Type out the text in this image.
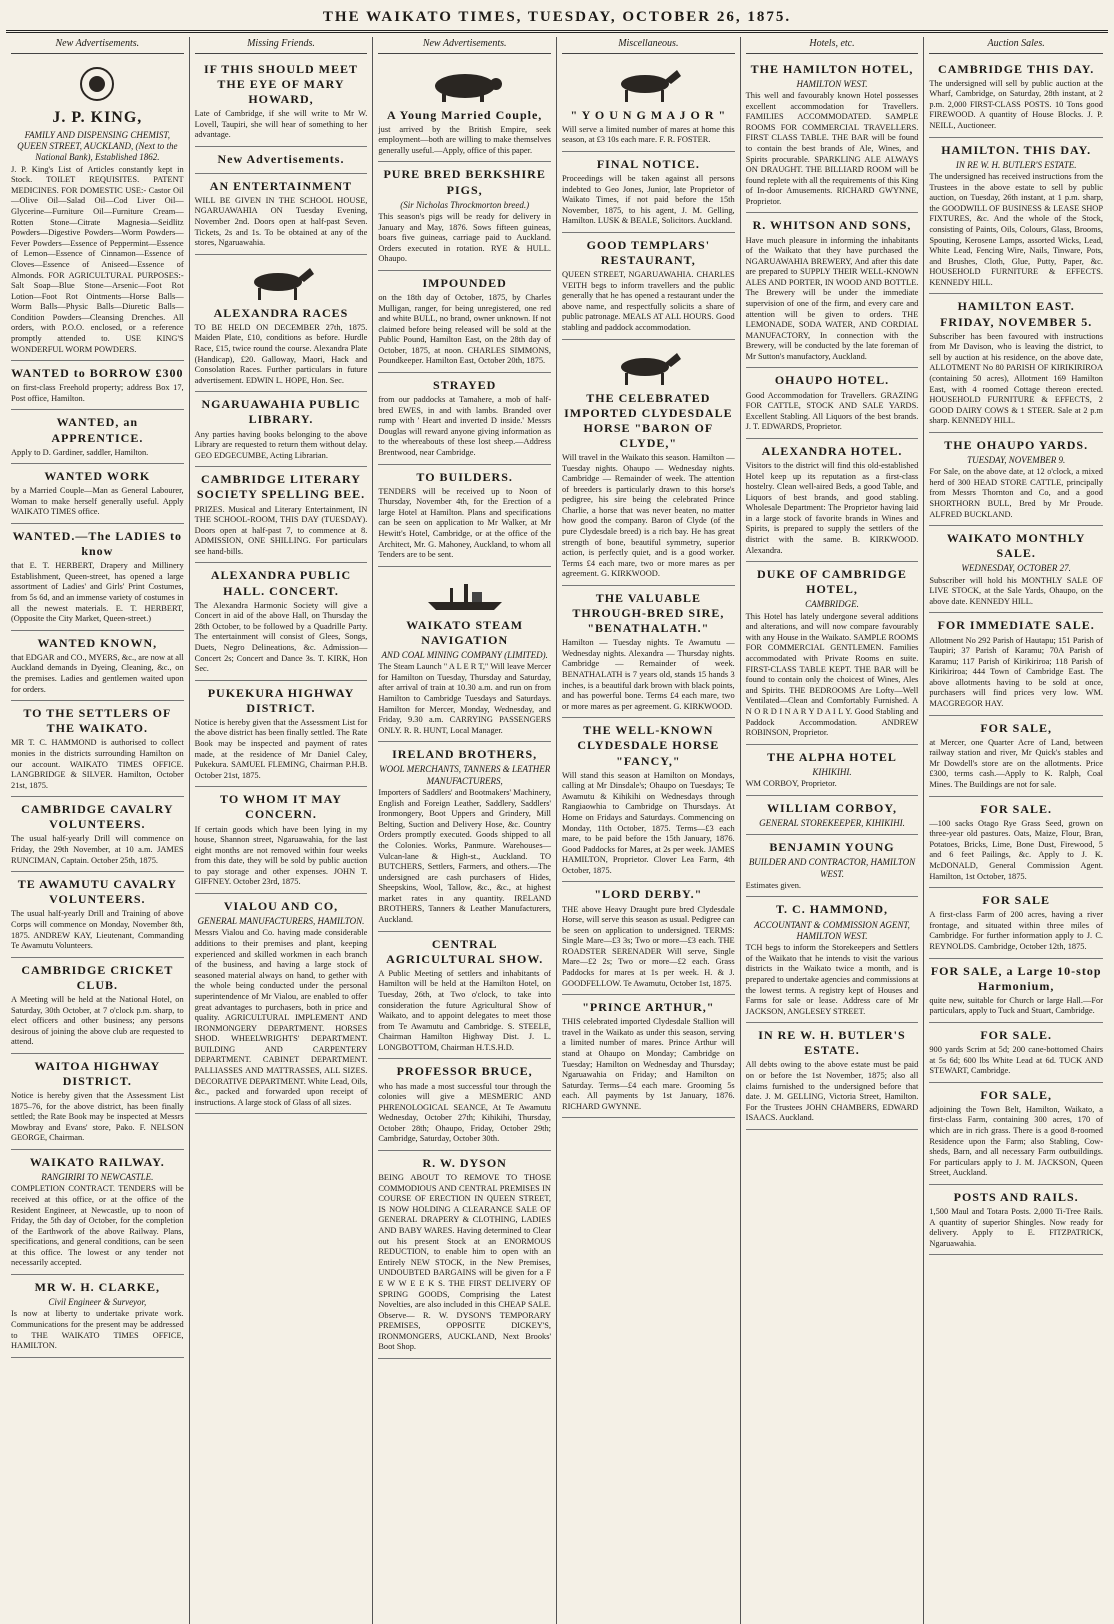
THE WAIKATO TIMES, TUESDAY, OCTOBER 26, 1875.
New Advertisements.
J. P. KING,
FAMILY AND DISPENSING CHEMIST, QUEEN STREET, AUCKLAND, (Next to the National Bank), Established 1862.

J. P. King's List of Articles constantly kept in Stock. TOILET REQUISITES. PATENT MEDICINES. FOR DOMESTIC USE:- Castor Oil—Olive Oil—Salad Oil—Cod Liver Oil—Glycerine—Furniture Oil—Furniture Cream—Rotten Stone—Citrate Magnesia—Seidlitz Powders—Digestive Powders—Worm Powders—Fever Powders—Essence of Peppermint—Essence of Lemon—Essence of Cinnamon—Essence of Cloves—Essence of Aniseed—Essence of Almonds. FOR AGRICULTURAL PURPOSES:- Salt Soap—Blue Stone—Arsenic—Foot Rot Lotion—Foot Rot Ointments—Horse Balls—Worm Balls—Physic Balls—Diuretic Balls—Condition Powders—Cleansing Drenches. All orders, with P.O.O. enclosed, or a reference promptly attended to. USE KING'S WONDERFUL WORM POWDERS.

WANTED to BORROW £300

on first-class Freehold property; address Box 17, Post office, Hamilton.

WANTED, an APPRENTICE.

Apply to D. Gardiner, saddler, Hamilton.

WANTED WORK

by a Married Couple—Man as General Labourer, Woman to make herself generally useful. Apply WAIKATO TIMES office.

WANTED.—The LADIES to know

that E. T. HERBERT, Drapery and Millinery Establishment, Queen-street, has opened a large assortment of Ladies' and Girls' Print Costumes, from 5s 6d, and an immense variety of costumes in all the newest materials. E. T. HERBERT, (Opposite the City Market, Queen-street.)

WANTED KNOWN,

that EDGAR and CO., MYERS, &c., are now at all Auckland demands in Dyeing, Cleaning, &c., on the premises. Ladies and gentlemen waited upon for orders.

TO THE SETTLERS OF THE WAIKATO.

MR T. C. HAMMOND is authorised to collect monies in the districts surrounding Hamilton on our account. WAIKATO TIMES OFFICE. LANGBRIDGE & SILVER. Hamilton, October 21st, 1875.

CAMBRIDGE CAVALRY VOLUNTEERS.

The usual half-yearly Drill will commence on Friday, the 29th November, at 10 a.m. JAMES RUNCIMAN, Captain. October 25th, 1875.

TE AWAMUTU CAVALRY VOLUNTEERS.

The usual half-yearly Drill and Training of above Corps will commence on Monday, November 8th, 1875. ANDREW KAY, Lieutenant, Commanding Te Awamutu Volunteers.

CAMBRIDGE CRICKET CLUB.

A Meeting will be held at the National Hotel, on Saturday, 30th October, at 7 o'clock p.m. sharp, to elect officers and other business; any persons desirous of joining the above club are requested to attend.

WAITOA HIGHWAY DISTRICT.

Notice is hereby given that the Assessment List 1875–76, for the above district, has been finally settled; the Rate Book may be inspected at Messrs Mowbray and Evans' store, Pako. F. NELSON GEORGE, Chairman.

WAIKATO RAILWAY.
RANGIRIRI TO NEWCASTLE.

COMPLETION CONTRACT. TENDERS will be received at this office, or at the office of the Resident Engineer, at Newcastle, up to noon of Friday, the 5th day of October, for the completion of the Earthwork of the above Railway. Plans, specifications, and general conditions, can be seen at this office. The lowest or any tender not necessarily accepted.

MR W. H. CLARKE,
Civil Engineer & Surveyor,

Is now at liberty to undertake private work. Communications for the present may be addressed to THE WAIKATO TIMES OFFICE, HAMILTON.

Missing Friends.
IF THIS SHOULD MEET THE EYE OF MARY HOWARD,

Late of Cambridge, if she will write to Mr W. Lovell, Taupiri, she will hear of something to her advantage.

New Advertisements.
AN ENTERTAINMENT

WILL BE GIVEN IN THE SCHOOL HOUSE, NGARUAWAHIA ON Tuesday Evening, November 2nd. Doors open at half-past Seven. Tickets, 2s and 1s. To be obtained at any of the stores, Ngaruawahia.

ALEXANDRA RACES

TO BE HELD ON DECEMBER 27th, 1875. Maiden Plate, £10, conditions as before. Hurdle Race, £15, twice round the course. Alexandra Plate (Handicap), £20. Galloway, Maori, Hack and Consolation Races. Further particulars in future advertisement. EDWIN L. HOPE, Hon. Sec.

NGARUAWAHIA PUBLIC LIBRARY.

Any parties having books belonging to the above Library are requested to return them without delay. GEO EDGECUMBE, Acting Librarian.

CAMBRIDGE LITERARY SOCIETY SPELLING BEE.

PRIZES. Musical and Literary Entertainment, IN THE SCHOOL-ROOM, THIS DAY (TUESDAY). Doors open at half-past 7, to commence at 8. ADMISSION, ONE SHILLING. For particulars see hand-bills.

ALEXANDRA PUBLIC HALL. CONCERT.

The Alexandra Harmonic Society will give a Concert in aid of the above Hall, on Thursday the 28th October, to be followed by a Quadrille Party. The entertainment will consist of Glees, Songs, Duets, Negro Delineations, &c. Admission—Concert 2s; Concert and Dance 3s. T. KIRK, Hon Sec.

PUKEKURA HIGHWAY DISTRICT.

Notice is hereby given that the Assessment List for the above district has been finally settled. The Rate Book may be inspected and payment of rates made, at the residence of Mr Daniel Caley, Pukekura. SAMUEL FLEMING, Chairman P.H.B. October 21st, 1875.

TO WHOM IT MAY CONCERN.

If certain goods which have been lying in my house, Shannon street, Ngaruawahia, for the last eight months are not removed within four weeks from this date, they will be sold by public auction to pay storage and other expenses. JOHN T. GIFFNEY. October 23rd, 1875.

VIALOU AND CO,
GENERAL MANUFACTURERS, HAMILTON.

Messrs Vialou and Co. having made considerable additions to their premises and plant, keeping experienced and skilled workmen in each branch of the business, and having a large stock of seasoned material always on hand, to gether with the whole being conducted under the personal superintendence of Mr Vialou, are enabled to offer great advantages to purchasers, both in price and quality. AGRICULTURAL IMPLEMENT AND IRONMONGERY DEPARTMENT. HORSES SHOD. WHEELWRIGHTS' DEPARTMENT. BUILDING AND CARPENTERY DEPARTMENT. CABINET DEPARTMENT. PALLIASSES AND MATTRASSES, ALL SIZES. DECORATIVE DEPARTMENT. White Lead, Oils, &c., packed and forwarded upon receipt of instructions. A large stock of Glass of all sizes.

New Advertisements.
A Young Married Couple,

just arrived by the British Empire, seek employment—both are willing to make themselves generally useful.—Apply, office of this paper.

PURE BRED BERKSHIRE PIGS,
(Sir Nicholas Throckmorton breed.)

This season's pigs will be ready for delivery in January and May, 1876. Sows fifteen guineas, boars five guineas, carriage paid to Auckland. Orders executed in rotation. RYE & HULL. Ohaupo.

IMPOUNDED

on the 18th day of October, 1875, by Charles Mulligan, ranger, for being unregistered, one red and white BULL, no brand, owner unknown. If not claimed before being released will be sold at the Public Pound, Hamilton East, on the 28th day of October, 1875, at noon. CHARLES SIMMONS, Poundkeeper. Hamilton East, October 20th, 1875.

STRAYED

from our paddocks at Tamahere, a mob of half-bred EWES, in and with lambs. Branded over rump with ' Heart and inverted D inside.' Messrs Douglas will reward anyone giving information as to the whereabouts of these lost sheep.—Address Brentwood, near Cambridge.

TO BUILDERS.

TENDERS will be received up to Noon of Thursday, November 4th, for the Erection of a large Hotel at Hamilton. Plans and specifications can be seen on application to Mr Walker, at Mr Hewitt's Hotel, Cambridge, or at the office of the Architect, Mr. G. Mahoney, Auckland, to whom all Tenders are to be sent.

WAIKATO STEAM NAVIGATION
AND COAL MINING COMPANY (LIMITED).

The Steam Launch " A L E R T," Will leave Mercer for Hamilton on Tuesday, Thursday and Saturday, after arrival of train at 10.30 a.m. and run on from Hamilton to Cambridge Tuesdays and Saturdays. Hamilton for Mercer, Monday, Wednesday, and Friday, 9.30 a.m. CARRYING PASSENGERS ONLY. R. R. HUNT, Local Manager.

IRELAND BROTHERS,
WOOL MERCHANTS, TANNERS & LEATHER MANUFACTURERS,

Importers of Saddlers' and Bootmakers' Machinery, English and Foreign Leather, Saddlery, Saddlers' Ironmongery, Boot Uppers and Grindery, Mill Belting, Suction and Delivery Hose, &c. Country Orders promptly executed. Goods shipped to all the Colonies. Works, Panmure. Warehouses—Vulcan-lane & High-st., Auckland. TO BUTCHERS, Settlers, Farmers, and others.—The undersigned are cash purchasers of Hides, Sheepskins, Wool, Tallow, &c., &c., at highest market rates in any quantity. IRELAND BROTHERS, Tanners & Leather Manufacturers, Auckland.

CENTRAL AGRICULTURAL SHOW.

A Public Meeting of settlers and inhabitants of Hamilton will be held at the Hamilton Hotel, on Tuesday, 26th, at Two o'clock, to take into consideration the future Agricultural Show of Waikato, and to appoint delegates to meet those from Te Awamutu and Cambridge. S. STEELE, Chairman Hamilton Highway Dist. J. L. LONGBOTTOM, Chairman H.T.S.H.D.

PROFESSOR BRUCE,

who has made a most successful tour through the colonies will give a MESMERIC AND PHRENOLOGICAL SEANCE, At Te Awamutu Wednesday, October 27th; Kihikihi, Thursday, October 28th; Ohaupo, Friday, October 29th; Cambridge, Saturday, October 30th.

R. W. DYSON

BEING ABOUT TO REMOVE TO THOSE COMMODIOUS AND CENTRAL PREMISES IN COURSE OF ERECTION IN QUEEN STREET, IS NOW HOLDING A CLEARANCE SALE OF GENERAL DRAPERY & CLOTHING, LADIES AND BABY WARES. Having determined to Clear out his present Stock at an ENORMOUS REDUCTION, to enable him to open with an Entirely NEW STOCK, in the New Premises, UNDOUBTED BARGAINS will be given for a F E W W E E K S. THE FIRST DELIVERY OF SPRING GOODS, Comprising the Latest Novelties, are also included in this CHEAP SALE. Observe— R. W. DYSON'S TEMPORARY PREMISES, OPPOSITE DICKEY'S, IRONMONGERS, AUCKLAND, Next Brooks' Boot Shop.

Miscellaneous.
" Y O U N G M A J O R "

Will serve a limited number of mares at home this season, at £3 10s each mare. F. R. FOSTER.

FINAL NOTICE.

Proceedings will be taken against all persons indebted to Geo Jones, Junior, late Proprietor of Waikato Times, if not paid before the 15th November, 1875, to his agent, J. M. Gelling, Hamilton. LUSK & BEALE, Solicitors. Auckland.

GOOD TEMPLARS' RESTAURANT,

QUEEN STREET, NGARUAWAHIA. CHARLES VEITH begs to inform travellers and the public generally that he has opened a restaurant under the above name, and respectfully solicits a share of public patronage. MEALS AT ALL HOURS. Good stabling and paddock accommodation.

THE CELEBRATED IMPORTED CLYDESDALE HORSE "BARON OF CLYDE,"

Will travel in the Waikato this season. Hamilton — Tuesday nights. Ohaupo — Wednesday nights. Cambridge — Remainder of week. The attention of breeders is particularly drawn to this horse's pedigree, his sire being the celebrated Prince Charlie, a horse that was never beaten, no matter how good the company. Baron of Clyde (of the pure Clydesdale breed) is a rich bay. He has great strength of bone, beautiful symmetry, superior action, is perfectly quiet, and is a good worker. Terms £4 each mare, two or more mares as per agreement. G. KIRKWOOD.

THE VALUABLE THROUGH-BRED SIRE, "BENATHALATH."

Hamilton — Tuesday nights. Te Awamutu — Wednesday nights. Alexandra — Thursday nights. Cambridge — Remainder of week. BENATHALATH is 7 years old, stands 15 hands 3 inches, is a beautiful dark brown with black points, and has powerful bone. Terms £4 each mare, two or more mares as per agreement. G. KIRKWOOD.

THE WELL-KNOWN CLYDESDALE HORSE "FANCY,"

Will stand this season at Hamilton on Mondays, calling at Mr Dinsdale's; Ohaupo on Tuesdays; Te Awamutu & Kihikihi on Wednesdays through Rangiaowhia to Cambridge on Thursdays. At Home on Fridays and Saturdays. Commencing on Monday, 11th October, 1875. Terms—£3 each mare, to be paid before the 15th January, 1876. Good Paddocks for Mares, at 2s per week. JAMES HAMILTON, Proprietor. Clover Lea Farm, 4th October, 1875.

"LORD DERBY."

THE above Heavy Draught pure bred Clydesdale Horse, will serve this season as usual. Pedigree can be seen on application to undersigned. TERMS: Single Mare—£3 3s; Two or more—£3 each. THE ROADSTER SERENADER Will serve, Single Mare—£2 2s; Two or more—£2 each. Grass Paddocks for mares at 1s per week. H. & J. GOODFELLOW. Te Awamutu, October 1st, 1875.

"PRINCE ARTHUR,"

THIS celebrated imported Clydesdale Stallion will travel in the Waikato as under this season, serving a limited number of mares. Prince Arthur will stand at Ohaupo on Monday; Cambridge on Tuesday; Hamilton on Wednesday and Thursday; Ngaruawahia on Friday; and Hamilton on Saturday. Terms—£4 each mare. Grooming 5s each. All payments by 1st January, 1876. RICHARD GWYNNE.

Hotels, etc.
THE HAMILTON HOTEL,
HAMILTON WEST.

This well and favourably known Hotel possesses excellent accommodation for Travellers. FAMILIES ACCOMMODATED. SAMPLE ROOMS FOR COMMERCIAL TRAVELLERS. FIRST CLASS TABLE. THE BAR will be found to contain the best brands of Ale, Wines, and Spirits procurable. SPARKLING ALE ALWAYS ON DRAUGHT. THE BILLIARD ROOM will be found replete with all the requirements of this King of In-door Amusements. RICHARD GWYNNE, Proprietor.

R. WHITSON AND SONS,

Have much pleasure in informing the inhabitants of the Waikato that they have purchased the NGARUAWAHIA BREWERY, And after this date are prepared to SUPPLY THEIR WELL-KNOWN ALES AND PORTER, IN WOOD AND BOTTLE. The Brewery will be under the immediate supervision of one of the firm, and every care and attention will be given to orders. THE LEMONADE, SODA WATER, AND CORDIAL MANUFACTORY, In connection with the Brewery, will be conducted by the late foreman of Mr Sutton's manufactory, Auckland.

OHAUPO HOTEL.

Good Accommodation for Travellers. GRAZING FOR CATTLE, STOCK AND SALE YARDS. Excellent Stabling. All Liquors of the best brands. J. T. EDWARDS, Proprietor.

ALEXANDRA HOTEL.

Visitors to the district will find this old-established Hotel keep up its reputation as a first-class hostelry. Clean well-aired Beds, a good Table, and Liquors of best brands, and good stabling. Wholesale Department: The Proprietor having laid in a large stock of favorite brands in Wines and Spirits, is prepared to supply the settlers of the district with the same. B. KIRKWOOD. Alexandra.

DUKE OF CAMBRIDGE HOTEL,
CAMBRIDGE.

This Hotel has lately undergone several additions and alterations, and will now compare favourably with any House in the Waikato. SAMPLE ROOMS FOR COMMERCIAL GENTLEMEN. Families accommodated with Private Rooms en suite. FIRST-CLASS TABLE KEPT. THE BAR will be found to contain only the choicest of Wines, Ales and Spirits. THE BEDROOMS Are Lofty—Well Ventilated—Clean and Comfortably Furnished. A N O R D I N A R Y D A I L Y. Good Stabling and Paddock Accommodation. ANDREW ROBINSON, Proprietor.

THE ALPHA HOTEL
KIHIKIHI.

WM CORBOY, Proprietor.

WILLIAM CORBOY,
GENERAL STOREKEEPER, KIHIKIHI.
BENJAMIN YOUNG
BUILDER AND CONTRACTOR, HAMILTON WEST.

Estimates given.

T. C. HAMMOND,
ACCOUNTANT & COMMISSION AGENT, HAMILTON WEST.

TCH begs to inform the Storekeepers and Settlers of the Waikato that he intends to visit the various districts in the Waikato twice a month, and is prepared to undertake agencies and commissions at the lowest terms. A registry kept of Houses and Farms for sale or lease. Address care of Mr JACKSON, ANGLESEY STREET.

IN RE W. H. BUTLER'S ESTATE.

All debts owing to the above estate must be paid on or before the 1st November, 1875; also all claims furnished to the undersigned before that date. J. M. GELLING, Victoria Street, Hamilton. For the Trustees JOHN CHAMBERS, EDWARD ISAACS. Auckland.

Auction Sales.
CAMBRIDGE THIS DAY.

The undersigned will sell by public auction at the Wharf, Cambridge, on Saturday, 28th instant, at 2 p.m. 2,000 FIRST-CLASS POSTS. 10 Tons good FIREWOOD. A quantity of House Blocks. J. P. NEILL, Auctioneer.

HAMILTON. THIS DAY.
IN RE W. H. BUTLER'S ESTATE.

The undersigned has received instructions from the Trustees in the above estate to sell by public auction, on Tuesday, 26th instant, at 1 p.m. sharp, the GOODWILL OF BUSINESS & LEASE SHOP FIXTURES, &c. And the whole of the Stock, consisting of Paints, Oils, Colours, Glass, Brooms, Spouting, Kerosene Lamps, assorted Wicks, Lead, White Lead, Fencing Wire, Nails, Tinware, Pots, and Brushes, Cloth, Glue, Putty, Paper, &c. HOUSEHOLD FURNITURE & EFFECTS. KENNEDY HILL.

HAMILTON EAST. FRIDAY, NOVEMBER 5.

Subscriber has been favoured with instructions from Mr Davison, who is leaving the district, to sell by auction at his residence, on the above date, ALLOTMENT No 80 PARISH OF KIRIKIRIROA (containing 50 acres), Allotment 169 Hamilton East, with 4 roomed Cottage thereon erected. HOUSEHOLD FURNITURE & EFFECTS, 2 GOOD DAIRY COWS & 1 STEER. Sale at 2 p.m sharp. KENNEDY HILL.

THE OHAUPO YARDS.
TUESDAY, NOVEMBER 9.

For Sale, on the above date, at 12 o'clock, a mixed herd of 300 HEAD STORE CATTLE, principally from Messrs Thornton and Co, and a good SHORTHORN BULL, Bred by Mr Proude. ALFRED BUCKLAND.

WAIKATO MONTHLY SALE.
WEDNESDAY, OCTOBER 27.

Subscriber will hold his MONTHLY SALE OF LIVE STOCK, at the Sale Yards, Ohaupo, on the above date. KENNEDY HILL.

FOR IMMEDIATE SALE.

Allotment No 292 Parish of Hautapu; 151 Parish of Taupiri; 37 Parish of Karamu; 70A Parish of Karamu; 117 Parish of Kirikiriroa; 118 Parish of Kirikiriroa; 444 Town of Cambridge East. The above allotments having to be sold at once, purchasers will find prices very low. WM. MACGREGOR HAY.

FOR SALE,

at Mercer, one Quarter Acre of Land, between railway station and river, Mr Quick's stables and Mr Dowdell's store are on the allotments. Price £300, terms cash.—Apply to K. Ralph, Coal Mines. The Buildings are not for sale.

FOR SALE.

—100 sacks Otago Rye Grass Seed, grown on three-year old pastures. Oats, Maize, Flour, Bran, Potatoes, Bricks, Lime, Bone Dust, Firewood, 5 and 6 feet Pailings, &c. Apply to J. K. McDONALD, General Commission Agent. Hamilton, 1st October, 1875.

FOR SALE

A first-class Farm of 200 acres, having a river frontage, and situated within three miles of Cambridge. For further information apply to J. C. REYNOLDS. Cambridge, October 12th, 1875.

FOR SALE, a Large 10-stop Harmonium,

quite new, suitable for Church or large Hall.—For particulars, apply to Tuck and Stuart, Cambridge.

FOR SALE.

900 yards Scrim at 5d; 200 cane-bottomed Chairs at 5s 6d; 600 lbs White Lead at 6d. TUCK AND STEWART, Cambridge.

FOR SALE,

adjoining the Town Belt, Hamilton, Waikato, a first-class Farm, containing 300 acres, 170 of which are in rich grass. There is a good 8-roomed Residence upon the Farm; also Stabling, Cow-sheds, Barn, and all necessary Farm outbuildings. For particulars apply to J. M. JACKSON, Queen Street, Auckland.

POSTS AND RAILS.

1,500 Maul and Totara Posts. 2,000 Ti-Tree Rails. A quantity of superior Shingles. Now ready for delivery. Apply to E. FITZPATRICK, Ngaruawahia.
